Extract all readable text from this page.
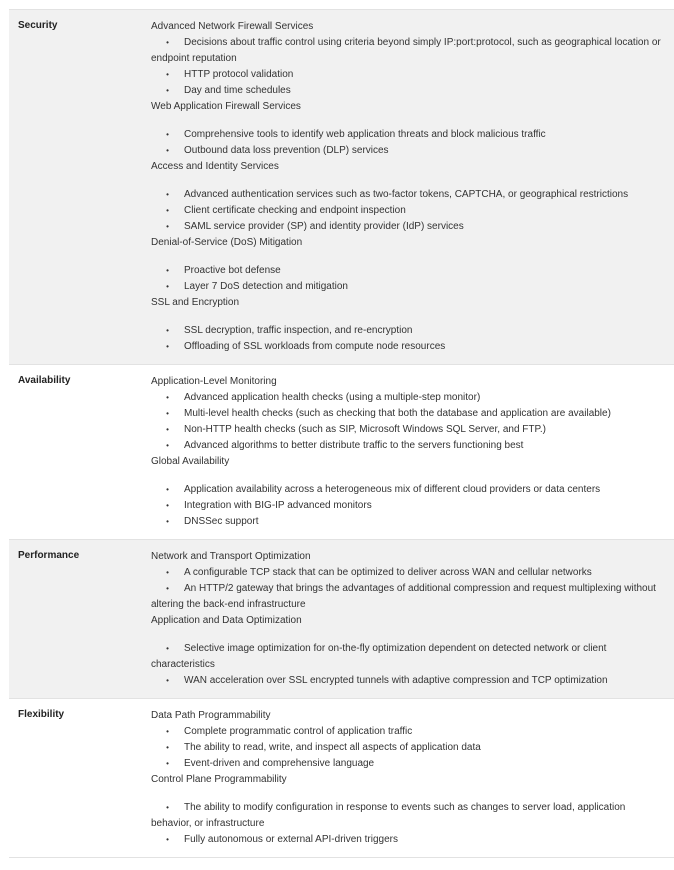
Security	Advanced Network Firewall Services
• Decisions about traffic control using criteria beyond simply IP:port:protocol, such as geographical location or endpoint reputation
• HTTP protocol validation
• Day and time schedules
Web Application Firewall Services
• Comprehensive tools to identify web application threats and block malicious traffic
• Outbound data loss prevention (DLP) services
Access and Identity Services
• Advanced authentication services such as two-factor tokens, CAPTCHA, or geographical restrictions
• Client certificate checking and endpoint inspection
• SAML service provider (SP) and identity provider (IdP) services
Denial-of-Service (DoS) Mitigation
• Proactive bot defense
• Layer 7 DoS detection and mitigation
SSL and Encryption
• SSL decryption, traffic inspection, and re-encryption
• Offloading of SSL workloads from compute node resources
Availability	Application-Level Monitoring
• Advanced application health checks (using a multiple-step monitor)
• Multi-level health checks (such as checking that both the database and application are available)
• Non-HTTP health checks (such as SIP, Microsoft Windows SQL Server, and FTP.)
• Advanced algorithms to better distribute traffic to the servers functioning best
Global Availability
• Application availability across a heterogeneous mix of different cloud providers or data centers
• Integration with BIG-IP advanced monitors
• DNSSec support
Performance	Network and Transport Optimization
• A configurable TCP stack that can be optimized to deliver across WAN and cellular networks
• An HTTP/2 gateway that brings the advantages of additional compression and request multiplexing without altering the back-end infrastructure
Application and Data Optimization
• Selective image optimization for on-the-fly optimization dependent on detected network or client characteristics
• WAN acceleration over SSL encrypted tunnels with adaptive compression and TCP optimization
Flexibility	Data Path Programmability
• Complete programmatic control of application traffic
• The ability to read, write, and inspect all aspects of application data
• Event-driven and comprehensive language
Control Plane Programmability
• The ability to modify configuration in response to events such as changes to server load, application behavior, or infrastructure
• Fully autonomous or external API-driven triggers
